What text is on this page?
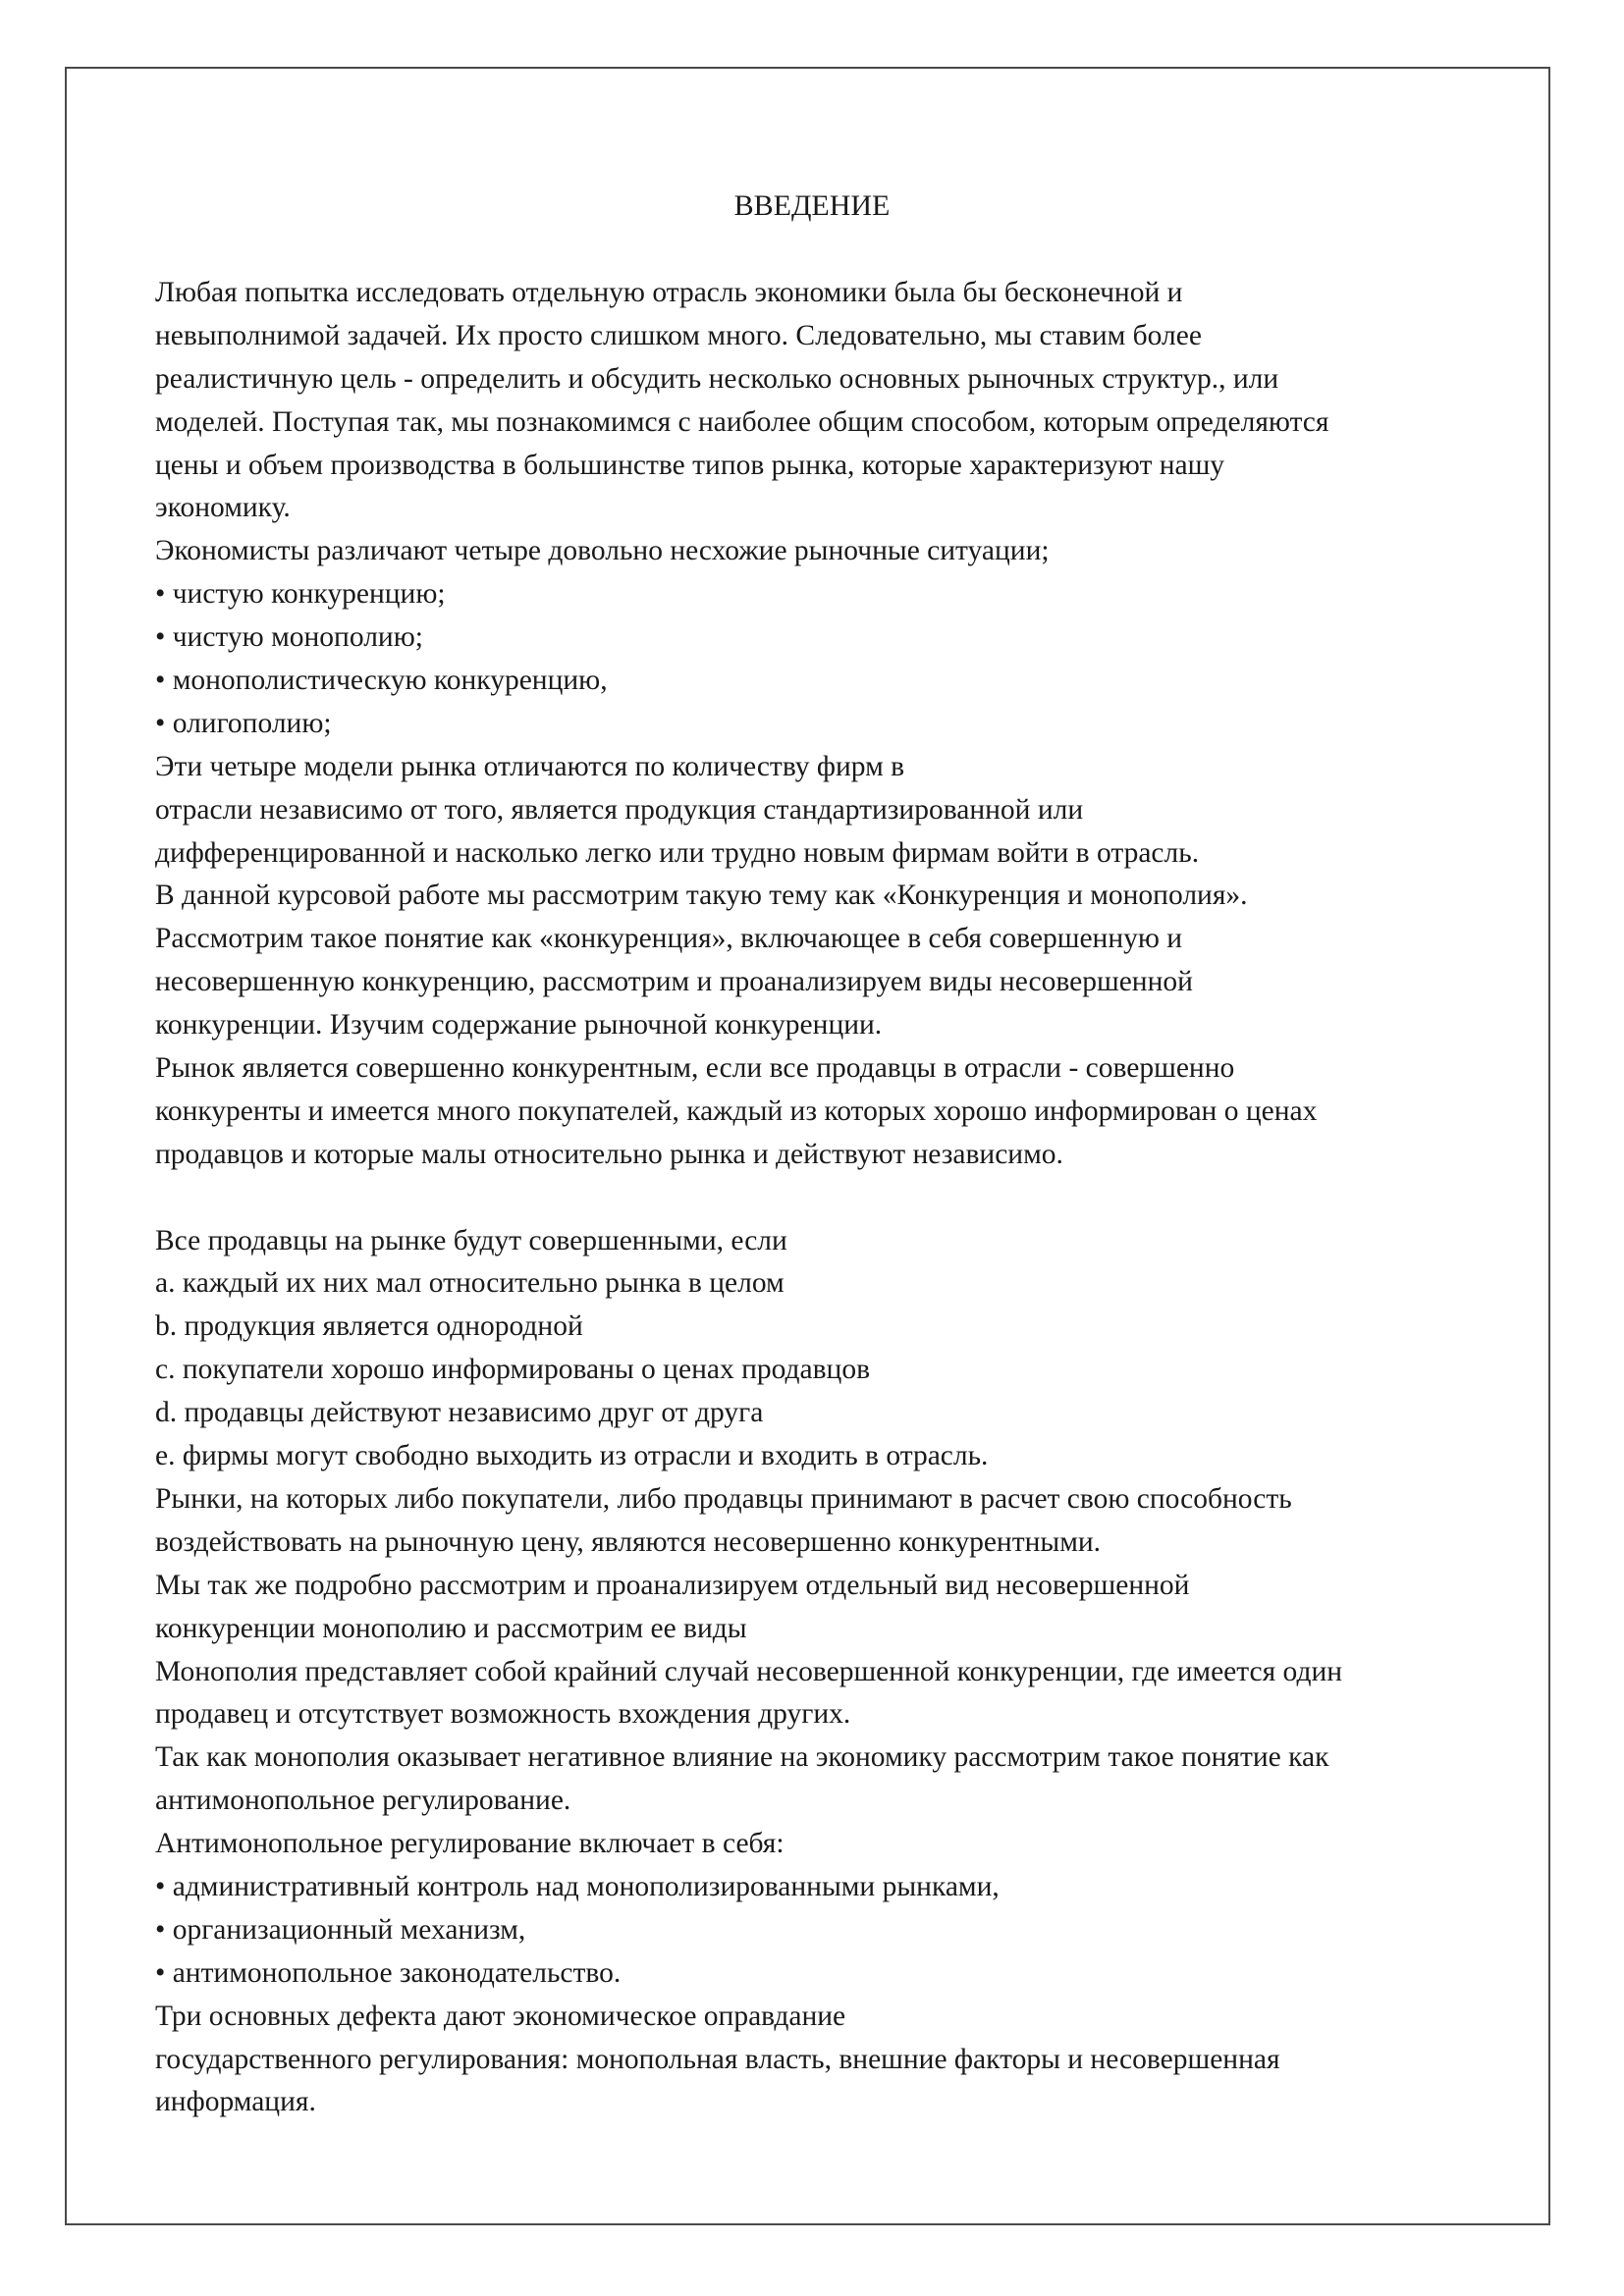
ВВЕДЕНИЕ
Любая попытка исследовать отдельную отрасль экономики была бы бесконечной и
невыполнимой задачей. Их просто слишком много. Следовательно, мы ставим более
реалистичную цель - определить и обсудить несколько основных рыночных структур., или
моделей. Поступая так, мы познакомимся с наиболее общим способом, которым определяются
цены и объем производства в большинстве типов рынка, которые характеризуют нашу
экономику.
Экономисты различают четыре довольно несхожие рыночные ситуации;
• чистую конкуренцию;
• чистую монополию;
• монополистическую конкуренцию,
• олигополию;
Эти четыре модели рынка отличаются по количеству фирм в
отрасли независимо от того, является продукция стандартизированной или
дифференцированной и насколько легко или трудно новым фирмам войти в отрасль.
В данной курсовой работе мы рассмотрим такую тему как «Конкуренция и монополия».
Рассмотрим такое понятие как «конкуренция», включающее в себя совершенную и
несовершенную конкуренцию, рассмотрим и проанализируем виды несовершенной
конкуренции. Изучим содержание рыночной конкуренции.
Рынок является совершенно конкурентным, если все продавцы в отрасли - совершенно
конкуренты и имеется много покупателей, каждый из которых хорошо информирован о ценах
продавцов и которые малы относительно рынка и действуют независимо.
Все продавцы на рынке будут совершенными, если
a. каждый их них мал относительно рынка в целом
b. продукция является однородной
c. покупатели хорошо информированы о ценах продавцов
d. продавцы действуют независимо друг от друга
e. фирмы могут свободно выходить из отрасли и входить в отрасль.
Рынки, на которых либо покупатели, либо продавцы принимают в расчет свою способность
воздействовать на рыночную цену, являются несовершенно конкурентными.
Мы так же подробно рассмотрим и проанализируем отдельный вид несовершенной
конкуренции монополию и рассмотрим ее виды
Монополия представляет собой крайний случай несовершенной конкуренции, где имеется один
продавец и отсутствует возможность вхождения других.
Так как монополия оказывает негативное влияние на экономику рассмотрим такое понятие как
антимонопольное регулирование.
Антимонопольное регулирование включает в себя:
• административный контроль над монополизированными рынками,
• организационный механизм,
• антимонопольное законодательство.
Три основных дефекта дают экономическое оправдание
государственного регулирования: монопольная власть, внешние факторы и несовершенная
информация.
